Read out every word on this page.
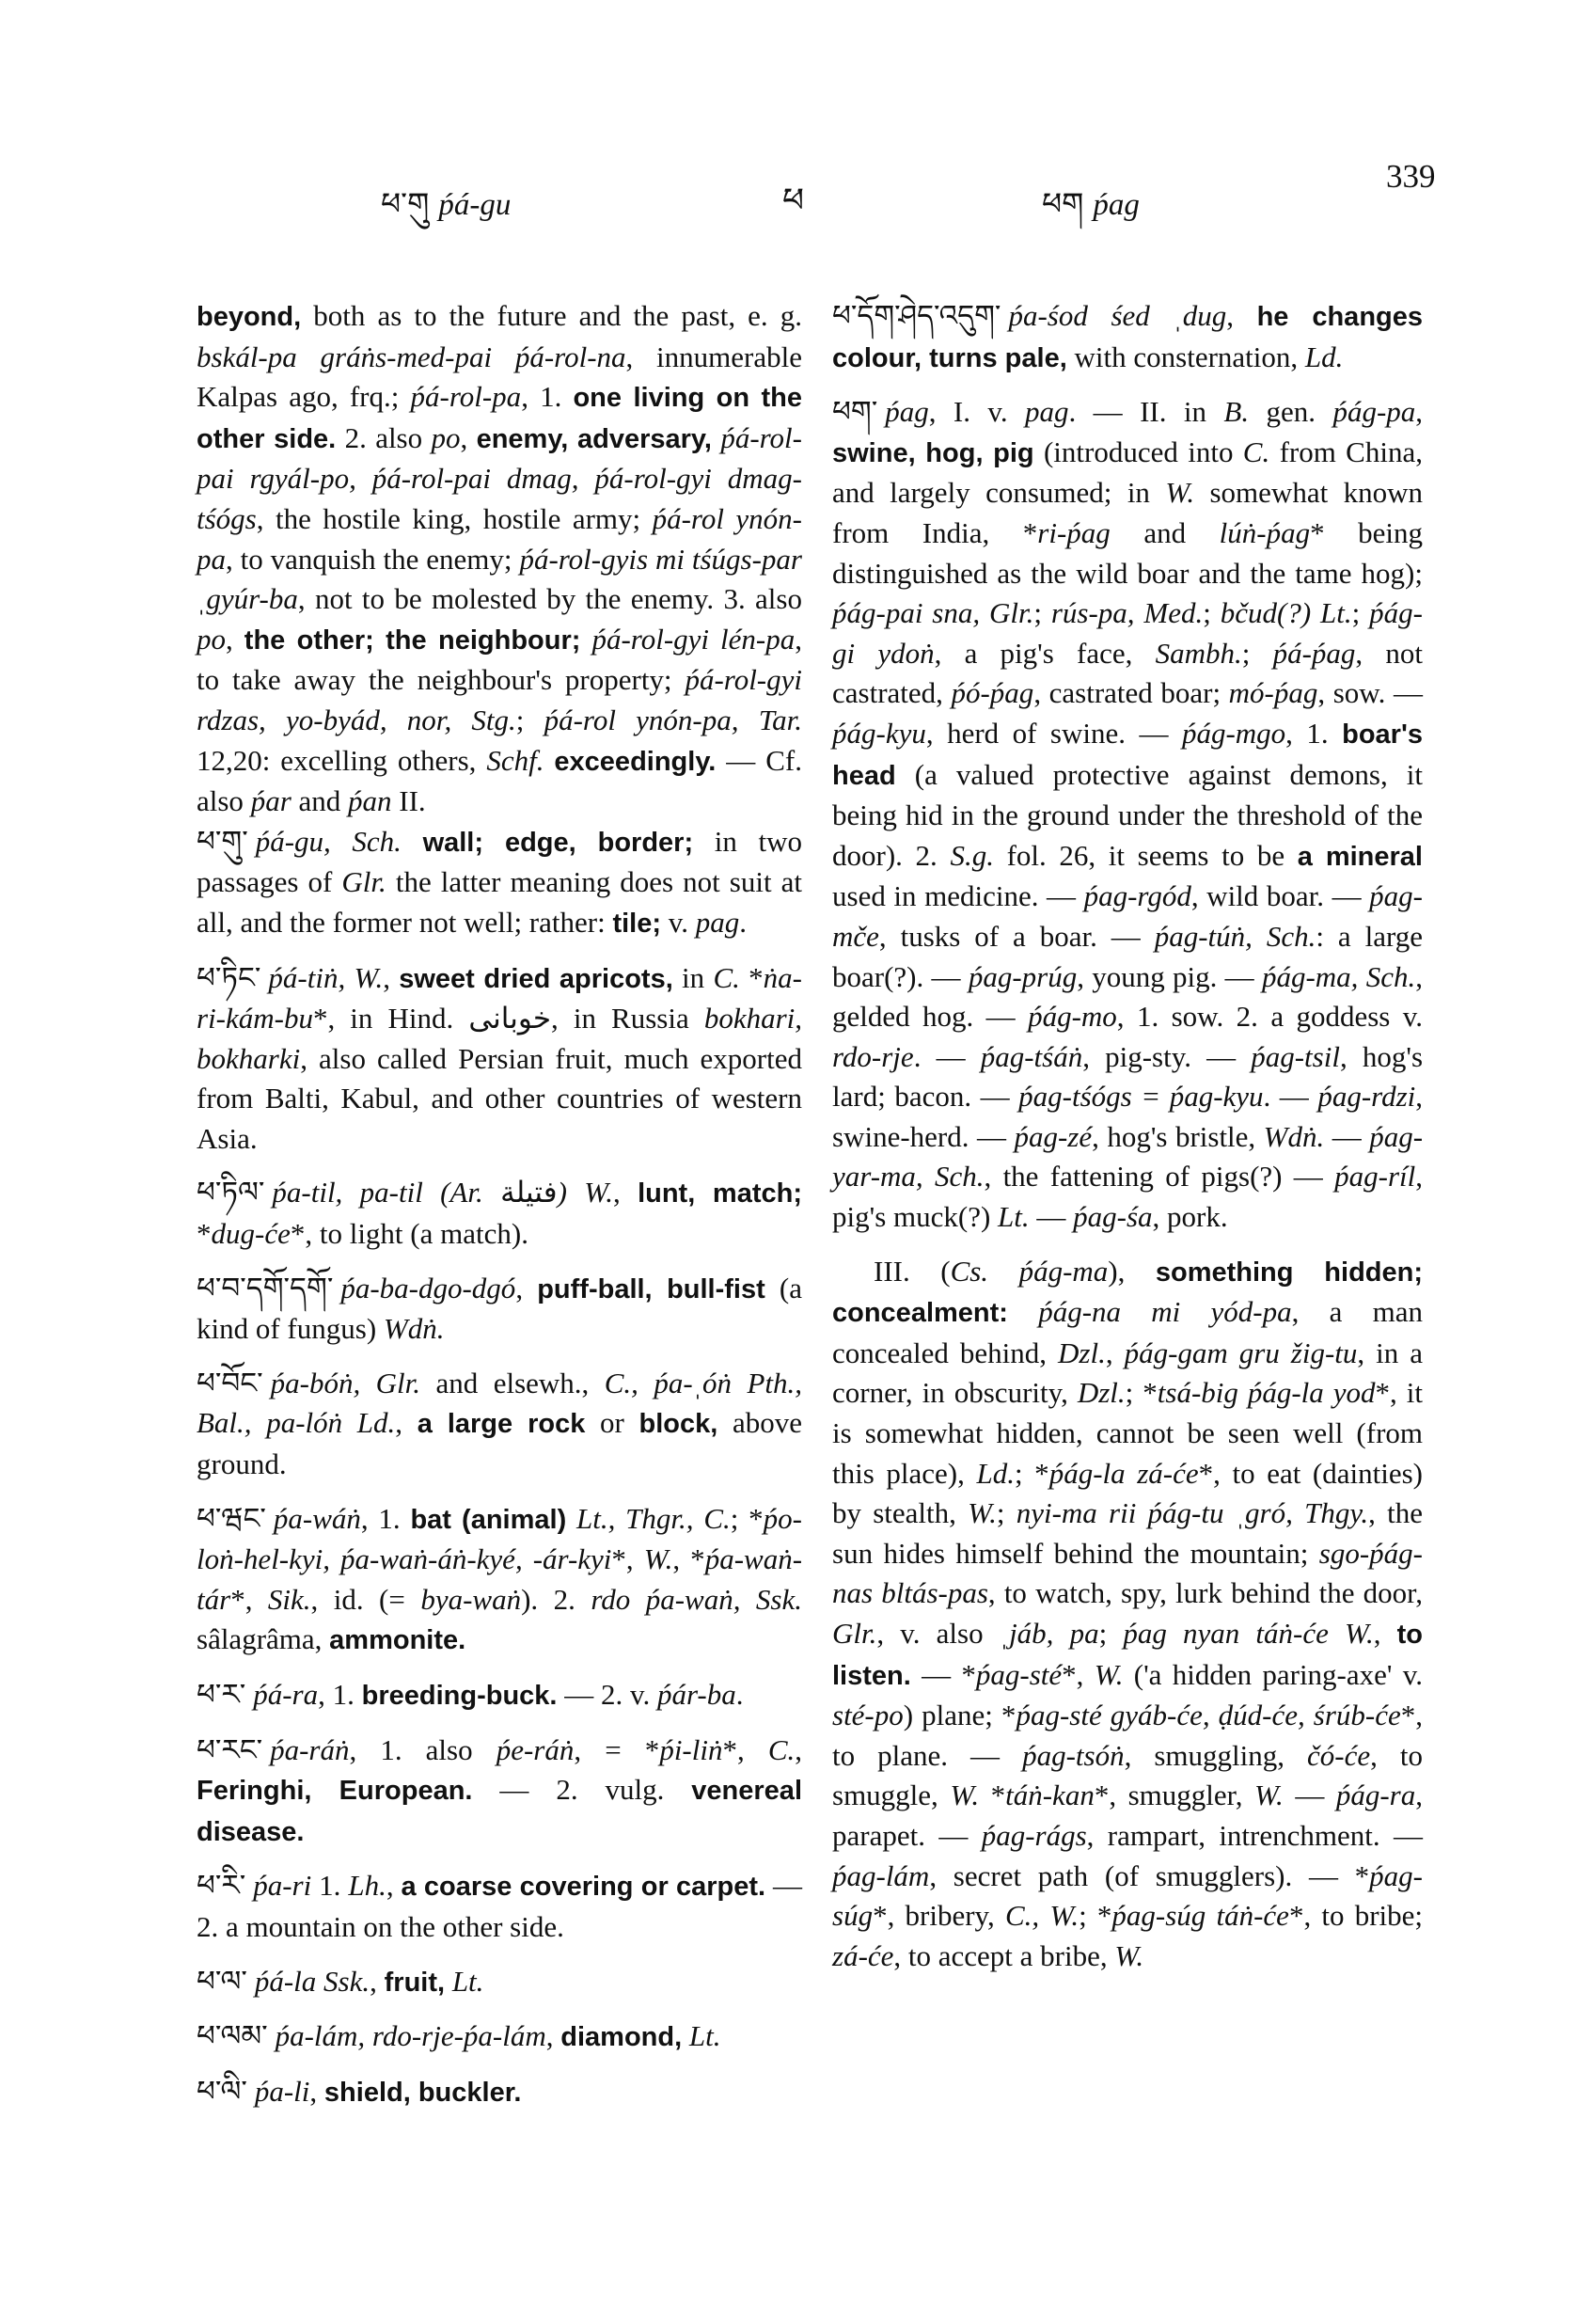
ཕ་གུ ṕá-gu	ཕ	ཕག ṕag
339

beyond, both as to the future and the past, e. g. bskál-pa gráṅs-med-pai ṕá-rol-na, innumerable Kalpas ago, frq.; ṕá-rol-pa, 1. one living on the other side. 2. also po, enemy, adversary, ṕá-rol-pai rgyál-po, ṕá-rol-pai dmag, ṕá-rol-gyi dmag-tśógs, the hostile king, hostile army; ṕá-rol ynón-pa, to vanquish the enemy; ṕá-rol-gyis mi tśúgs-par ˌgyúr-ba, not to be molested by the enemy. 3. also po, the other; the neighbour; ṕá-rol-gyi lén-pa, to take away the neighbour's property; ṕá-rol-gyi rdzas, yo-byád, nor, Stg.; ṕá-rol ynón-pa, Tar. 12,20: excelling others, Schf. exceedingly. — Cf. also ṕar and ṕan II.

ཕ་གུ་ ṕá-gu, Sch. wall; edge, border; in two passages of Glr. the latter meaning does not suit at all, and the former not well; rather: tile; v. pag.

ཕ་ཏིང་ ṕá-tiṅ, W., sweet dried apricots, in C. *ṅa-ri-kám-bu*, in Hind. خوبانی, in Russia bokhari, bokharki, also called Persian fruit, much exported from Balti, Kabul, and other countries of western Asia.

ཕ་ཏིལ་ ṕa-til, pa-til (Ar. فتيلة) W., lunt, match; *dug-će*, to light (a match).

ཕ་བ་དགོ་དགོ་ ṕa-ba-dgo-dgó, puff-ball, bull-fist (a kind of fungus) Wdṅ.

ཕ་བོང་ ṕa-bóṅ, Glr. and elsewh., C., ṕa-ˌóṅ Pth., Bal., pa-lóṅ Ld., a large rock or block, above ground.

ཕ་ཝང་ ṕa-wáṅ, 1. bat (animal) Lt., Thgr., C.; *ṕo-loṅ-hel-kyi, ṕa-waṅ-áṅ-kyé, -ár-kyi*, W., *ṕa-waṅ-tár*, Sik., id. (= bya-waṅ). 2. rdo ṕa-waṅ, Ssk. sâlagrâma, ammonite.

ཕ་ར་ ṕá-ra, 1. breeding-buck. — 2. v. ṕár-ba.

ཕ་རང་ ṕa-ráṅ, 1. also ṕe-ráṅ, = *ṕi-liṅ*, C., Feringhi, European. — 2. vulg. venereal disease.

ཕ་རི་ ṕa-ri 1. Lh., a coarse covering or carpet. — 2. a mountain on the other side.

ཕ་ལ་ ṕá-la Ssk., fruit, Lt.

ཕ་ལམ་ ṕa-lám, rdo-rje-ṕa-lám, diamond, Lt.

ཕ་ལི་ ṕa-li, shield, buckler.

ཕ་དོག་ཤེད་འདུག་ ṕa-śod śed ˌdug, he changes colour, turns pale, with consternation, Ld.

ཕག་ ṕag, I. v. pag. — II. in B. gen. ṕág-pa, swine, hog, pig (introduced into C. from China, and largely consumed; in W. somewhat known from India, *ri-ṕag and lúṅ-ṕag* being distinguished as the wild boar and the tame hog); ṕág-pai sna, Glr.; rús-pa, Med.; bčud(?) Lt.; ṕág-gi ydoṅ, a pig's face, Sambh.; ṕá-ṕag, not castrated, ṕó-ṕag, castrated boar; mó-ṕag, sow. — ṕág-kyu, herd of swine. — ṕág-mgo, 1. boar's head (a valued protective against demons, it being hid in the ground under the threshold of the door). 2. S.g. fol. 26, it seems to be a mineral used in medicine. — ṕag-rgód, wild boar. — ṕag-mče, tusks of a boar. — ṕag-túṅ, Sch.: a large boar(?). — ṕag-prúg, young pig. — ṕág-ma, Sch., gelded hog. — ṕág-mo, 1. sow. 2. a goddess v. rdo-rje. — ṕag-tśáṅ, pig-sty. — ṕag-tsil, hog's lard; bacon. — ṕag-tśógs = ṕag-kyu. — ṕag-rdzi, swine-herd. — ṕag-zé, hog's bristle, Wdṅ. — ṕag-yar-ma, Sch., the fattening of pigs(?) — ṕag-ríl, pig's muck(?) Lt. — ṕag-śa, pork.

III. (Cs. ṕág-ma), something hidden; concealment: ṕág-na mi yód-pa, a man concealed behind, Dzl., ṕág-gam gru žig-tu, in a corner, in obscurity, Dzl.; *tsá-big ṕág-la yod*, it is somewhat hidden, cannot be seen well (from this place), Ld.; *ṕág-la zá-će*, to eat (dainties) by stealth, W.; nyi-ma rii ṕág-tu ˌgró, Thgy., the sun hides himself behind the mountain; sgo-ṕág-nas bltás-pas, to watch, spy, lurk behind the door, Glr., v. also ˌjáb, pa; ṕag nyan táṅ-će W., to listen. — *ṕag-sté*, W. ('a hidden paring-axe' v. sté-po) plane; *ṕag-sté gyáb-će, ḍúd-će, śrúb-će*, to plane. — ṕag-tsóṅ, smuggling, čó-će, to smuggle, W. *táṅ-kan*, smuggler, W. — ṕág-ra, parapet. — ṕag-rágs, rampart, intrenchment. — ṕag-lám, secret path (of smugglers). — *ṕag-súg*, bribery, C., W.; *ṕag-súg táṅ-će*, to bribe; zá-će, to accept a bribe, W.
